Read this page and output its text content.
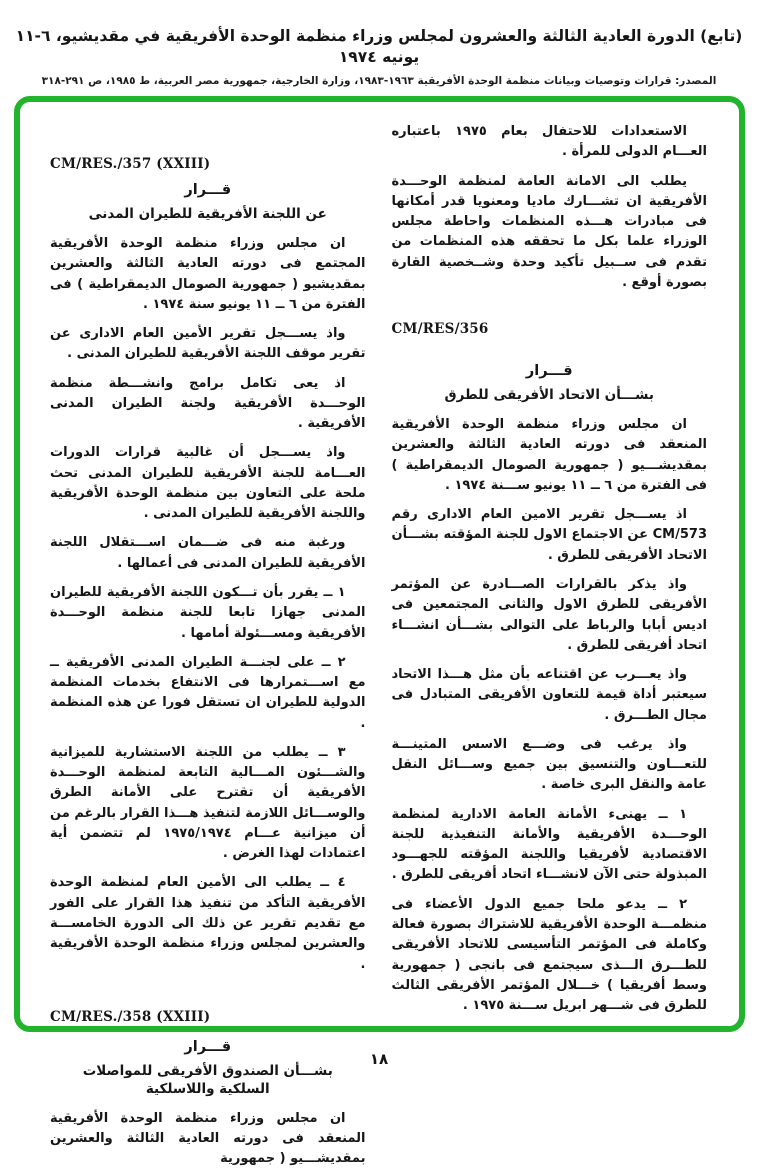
(تابع) الدورة العادية الثالثة والعشرون لمجلس وزراء منظمة الوحدة الأفريقية في مقديشيو، ٦-١١ يونيه ١٩٧٤
المصدر: قرارات وتوصيات وبيانات منظمة الوحدة الأفريقية ١٩٦٣-١٩٨٣، وزارة الخارجية، جمهورية مصر العربية، ط ١٩٨٥، ص ٢٩١-٣١٨
الاستعدادات للاحتفال بعام ١٩٧٥ باعتباره العـــام الدولى للمرأة .
يطلب الى الامانة العامة لمنظمة الوحـــدة الأفريقية ان تشـــارك ماديا ومعنويا قدر أمكانها فى مبادرات هـــذه المنظمات واحاطة مجلس الوزراء علما بكل ما تحققه هذه المنظمات من تقدم فى ســبيل تأكيد وحدة وشــخصية القارة بصورة أوقع .
CM/RES/356
قـــرار
بشـــأن الاتحاد الأفريقى للطرق
ان مجلس وزراء منظمة الوحدة الأفريقية المنعقد فى دورته العادية الثالثة والعشرين بمقديشـــيو ( جمهورية الصومال الديمقراطية ) فى الفترة من ٦ ــ ١١ يونيو ســـنة ١٩٧٤ .
اذ يســـجل تقرير الامين العام الادارى رقم CM/573 عن الاجتماع الاول للجنة المؤقته بشـــأن الاتحاد الأفريقى للطرق .
واذ يذكر بالقرارات الصـــادرة عن المؤتمر الأفريقى للطرق الاول والثانى المجتمعين فى اديس أبابا والرباط على التوالى بشـــأن انشـــاء اتحاد أفريقى للطرق .
واذ يعـــرب عن اقتناعه بأن مثل هـــذا الاتحاد سيعتبر أداة قيمة للتعاون الأفريقى المتبادل فى مجال الطـــرق .
واذ يرغب فى وضـــع الاسس المتينـــة للتعـــاون والتنسيق بين جميع وســـائل النقل عامة والنقل البرى خاصة .
١ ــ يهنىء الأمانة العامة الادارية لمنظمة الوحـــدة الأفريقية والأمانة التنفيذية للجنة الاقتصادية لأفريقيا واللجنة المؤقته للجهـــود المبذولة حتى الآن لانشـــاء اتحاد أفريقى للطرق .
٢ ــ يدعو ملحا جميع الدول الأعضاء فى منظمـــة الوحدة الأفريقية للاشتراك بصورة فعالة وكاملة فى المؤتمر التأسيسى للاتحاد الأفريقى للطـــرق الـــذى سيجتمع فى بانجى ( جمهورية وسط أفريقيا ) خـــلال المؤتمر الأفريقى الثالث للطرق فى شـــهر ابريل ســـنة ١٩٧٥ .
CM/RES./357 (XXIII)
قـــرار
عن اللجنة الأفريقية للطيران المدنى
ان مجلس وزراء منظمة الوحدة الأفريقية المجتمع فى دورته العادية الثالثة والعشرين بمقديشيو ( جمهورية الصومال الديمقراطية ) فى الفترة من ٦ ــ ١١ يونيو سنة ١٩٧٤ .
واذ يســـجل تقرير الأمين العام الادارى عن تقرير موقف اللجنة الأفريقية للطيران المدنى .
اذ يعى تكامل برامج وانشـــطة منظمة الوحـــدة الأفريقية ولجنة الطيران المدنى الأفريقية .
واذ يســـجل أن غالبية قرارات الدورات العـــامة للجنة الأفريقية للطيران المدنى تحث ملحة على التعاون بين منظمة الوحدة الأفريقية واللجنة الأفريقية للطيران المدنى .
ورغبة منه فى ضـــمان اســـتقلال اللجنة الأفريقية للطيران المدنى فى أعمالها .
١ ــ يقرر بأن تـــكون اللجنة الأفريقية للطيران المدنى جهازا تابعا للجنة منظمة الوحـــدة الأفريقية ومســـئولة أمامها .
٢ ــ على لجنـــة الطيران المدنى الأفريقية ــ مع اســـتمرارها فى الانتفاع بخدمات المنظمة الدولية للطيران ان تستقل فورا عن هذه المنظمة .
٣ ــ يطلب من اللجنة الاستشارية للميزانية والشـــئون المـــالية التابعة لمنظمة الوحـــدة الأفريقية أن تقترح على الأمانة الطرق والوســـائل اللازمة لتنفيذ هـــذا القرار بالرغم من أن ميزانية عـــام ١٩٧٥/١٩٧٤ لم تتضمن أية اعتمادات لهذا الغرض .
٤ ــ يطلب الى الأمين العام لمنظمة الوحدة الأفريقية التأكد من تنفيذ هذا القرار على الفور مع تقديم تقرير عن ذلك الى الدورة الخامســـة والعشرين لمجلس وزراء منظمة الوحدة الأفريقية .
CM/RES./358 (XXIII)
قـــرار
بشـــأن الصندوق الأفريقى للمواصلات
السلكية واللاسلكية
ان مجلس وزراء منظمة الوحدة الأفريقية المنعقد فى دورته العادية الثالثة والعشرين بمقديشـــيو ( جمهورية
١٨
